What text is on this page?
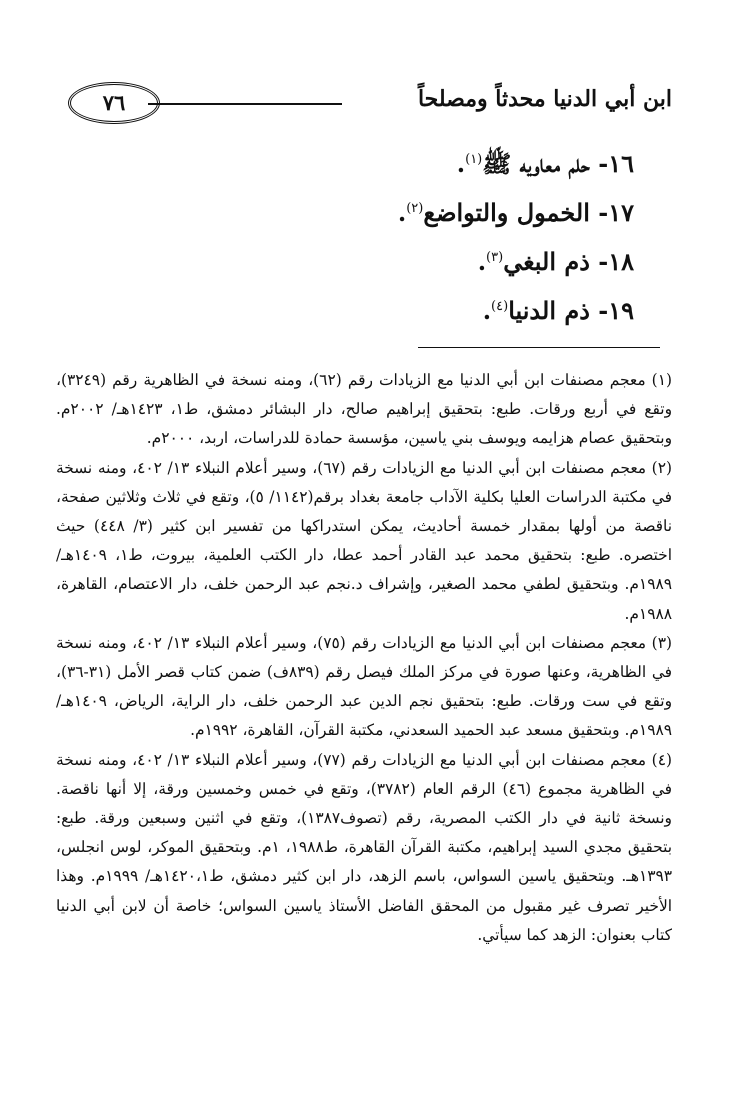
ابن أبي الدنيا محدثاً ومصلحاً
٧٦
١٦- حلم معاويه ﷺ$^{(١)}$.
١٧- الخمول والتواضع$^{(٢)}$.
١٨- ذم البغي$^{(٣)}$.
١٩- ذم الدنيا$^{(٤)}$.

(١) معجم مصنفات ابن أبي الدنيا مع الزيادات رقم (٦٢)، ومنه نسخة في الظاهرية رقم (٣٢٤٩)، وتقع في أربع ورقات. طبع: بتحقيق إبراهيم صالح، دار البشائر دمشق، ط١، ١٤٢٣هـ/ ٢٠٠٢م. وبتحقيق عصام هزايمه ويوسف بني ياسين، مؤسسة حمادة للدراسات، اربد، ٢٠٠٠م.

(٢) معجم مصنفات ابن أبي الدنيا مع الزيادات رقم (٦٧)، وسير أعلام النبلاء ١٣/ ٤٠٢، ومنه نسخة في مكتبة الدراسات العليا بكلية الآداب جامعة بغداد برقم(١١٤٢/ ٥)، وتقع في ثلاث وثلاثين صفحة، ناقصة من أولها بمقدار خمسة أحاديث، يمكن استدراكها من تفسير ابن كثير (٣/ ٤٤٨) حيث اختصره. طبع: بتحقيق محمد عبد القادر أحمد عطا، دار الكتب العلمية، بيروت، ط١، ١٤٠٩هـ/ ١٩٨٩م. وبتحقيق لطفي محمد الصغير، وإشراف د.نجم عبد الرحمن خلف، دار الاعتصام، القاهرة، ١٩٨٨م.

(٣) معجم مصنفات ابن أبي الدنيا مع الزيادات رقم (٧٥)، وسير أعلام النبلاء ١٣/ ٤٠٢، ومنه نسخة في الظاهرية، وعنها صورة في مركز الملك فيصل رقم (٨٣٩ف) ضمن كتاب قصر الأمل (٣١-٣٦)، وتقع في ست ورقات. طبع: بتحقيق نجم الدين عبد الرحمن خلف، دار الراية، الرياض، ١٤٠٩هـ/ ١٩٨٩م. وبتحقيق مسعد عبد الحميد السعدني، مكتبة القرآن، القاهرة، ١٩٩٢م.

(٤) معجم مصنفات ابن أبي الدنيا مع الزيادات رقم (٧٧)، وسير أعلام النبلاء ١٣/ ٤٠٢، ومنه نسخة في الظاهرية مجموع (٤٦) الرقم العام (٣٧٨٢)، وتقع في خمس وخمسين ورقة، إلا أنها ناقصة. ونسخة ثانية في دار الكتب المصرية، رقم (تصوف١٣٨٧)، وتقع في اثنين وسبعين ورقة. طبع: بتحقيق مجدي السيد إبراهيم، مكتبة القرآن القاهرة، ط١٩٨٨، ١م. وبتحقيق الموكر، لوس انجلس، ١٣٩٣هـ. وبتحقيق ياسين السواس، باسم الزهد، دار ابن كثير دمشق، ط١٤٢٠،١هـ/ ١٩٩٩م. وهذا الأخير تصرف غير مقبول من المحقق الفاضل الأستاذ ياسين السواس؛ خاصة أن لابن أبي الدنيا كتاب بعنوان: الزهد كما سيأتي.
